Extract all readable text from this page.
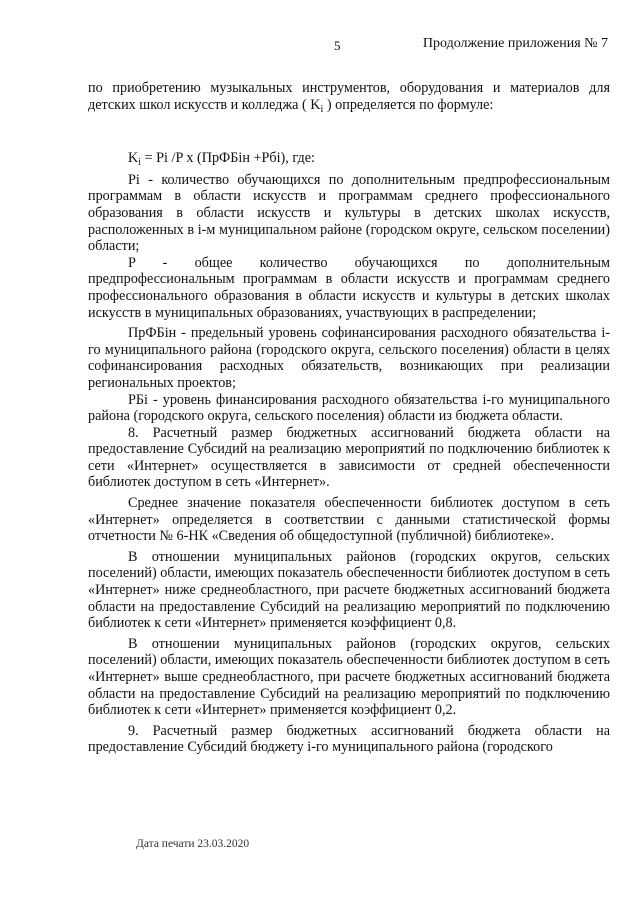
5	Продолжение приложения № 7

по приобретению музыкальных инструментов, оборудования и материалов для детских школ искусств и колледжа ( $K_i$ ) определяется по формуле:

$K_i = Pi$ /P x (ПрФБiн +Рбi), где:

Pi - количество обучающихся по дополнительным предпрофессиональным программам в области искусств и программам среднего профессионального образования в области искусств и культуры в детских школах искусств, расположенных в i-м муниципальном районе (городском округе, сельском поселении) области;

P - общее количество обучающихся по дополнительным предпрофессиональным программам в области искусств и программам среднего профессионального образования в области искусств и культуры в детских школах искусств в муниципальных образованиях, участвующих в распределении;

ПрФБiн - предельный уровень софинансирования расходного обязательства i-го муниципального района (городского округа, сельского поселения) области в целях софинансирования расходных обязательств, возникающих при реализации региональных проектов;

РБi - уровень финансирования расходного обязательства i-го муниципального района (городского округа, сельского поселения) области из бюджета области.

8. Расчетный размер бюджетных ассигнований бюджета области на предоставление Субсидий на реализацию мероприятий по подключению библиотек к сети «Интернет» осуществляется в зависимости от средней обеспеченности библиотек доступом в сеть «Интернет».

Среднее значение показателя обеспеченности библиотек доступом в сеть «Интернет» определяется в соответствии с данными статистической формы отчетности № 6-НК «Сведения об общедоступной (публичной) библиотеке».

В отношении муниципальных районов (городских округов, сельских поселений) области, имеющих показатель обеспеченности библиотек доступом в сеть «Интернет» ниже среднеобластного, при расчете бюджетных ассигнований бюджета области на предоставление Субсидий на реализацию мероприятий по подключению библиотек к сети «Интернет» применяется коэффициент 0,8.

В отношении муниципальных районов (городских округов, сельских поселений) области, имеющих показатель обеспеченности библиотек доступом в сеть «Интернет» выше среднеобластного, при расчете бюджетных ассигнований бюджета области на предоставление Субсидий на реализацию мероприятий по подключению библиотек к сети «Интернет» применяется коэффициент 0,2.

9. Расчетный размер бюджетных ассигнований бюджета области на предоставление Субсидий бюджету i-го муниципального района (городского

Дата печати 23.03.2020
